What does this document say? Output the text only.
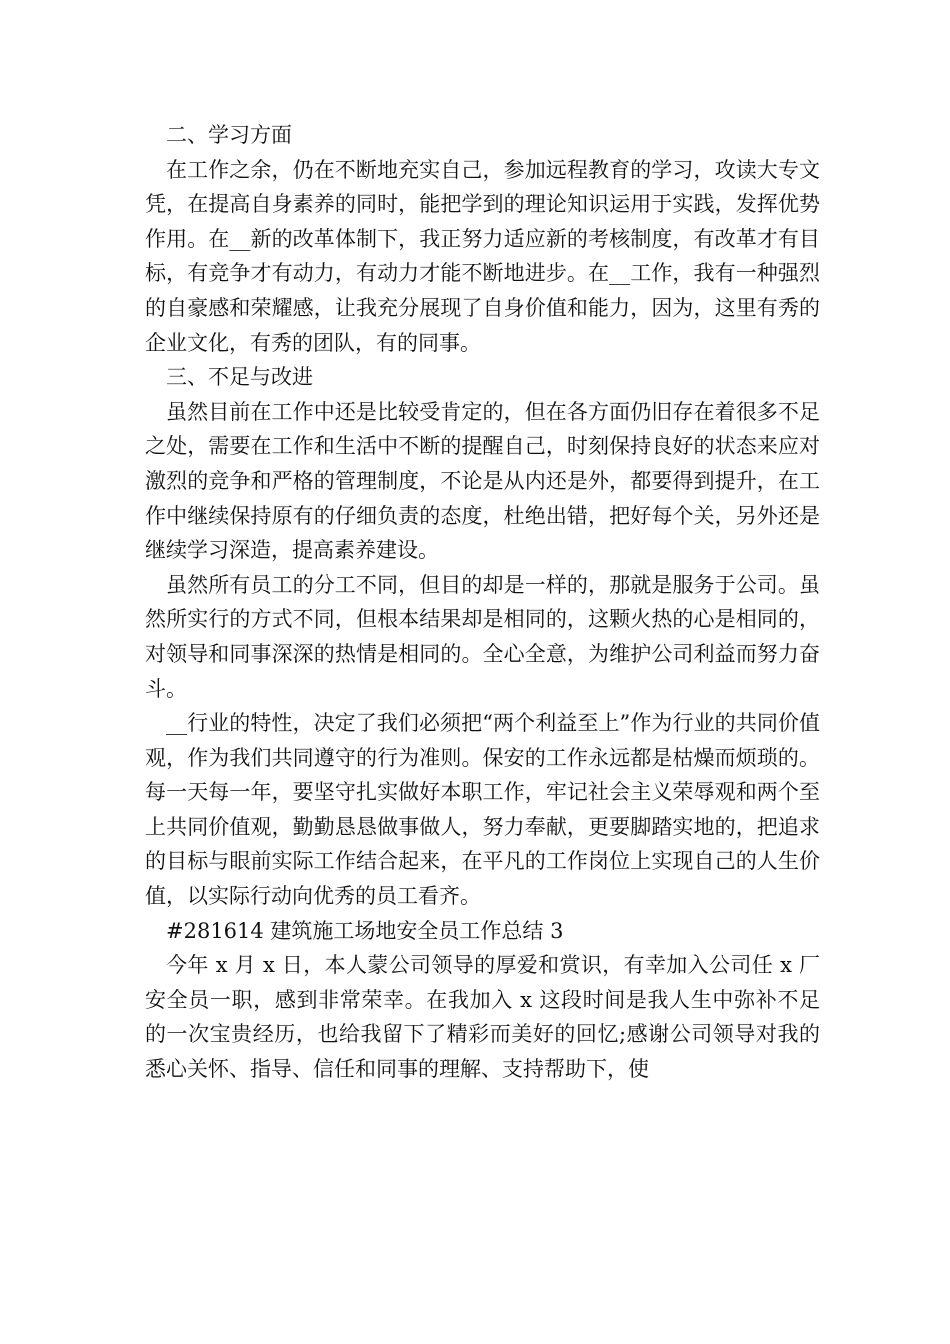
二、学习方面

在工作之余，仍在不断地充实自己，参加远程教育的学习，攻读大专文凭，在提高自身素养的同时，能把学到的理论知识运用于实践，发挥优势作用。在__新的改革体制下，我正努力适应新的考核制度，有改革才有目标，有竞争才有动力，有动力才能不断地进步。在__工作，我有一种强烈的自豪感和荣耀感，让我充分展现了自身价值和能力，因为，这里有秀的企业文化，有秀的团队，有的同事。

三、不足与改进

虽然目前在工作中还是比较受肯定的，但在各方面仍旧存在着很多不足之处，需要在工作和生活中不断的提醒自己，时刻保持良好的状态来应对激烈的竞争和严格的管理制度，不论是从内还是外，都要得到提升，在工作中继续保持原有的仔细负责的态度，杜绝出错，把好每个关，另外还是继续学习深造，提高素养建设。

虽然所有员工的分工不同，但目的却是一样的，那就是服务于公司。虽然所实行的方式不同，但根本结果却是相同的，这颗火热的心是相同的，对领导和同事深深的热情是相同的。全心全意，为维护公司利益而努力奋斗。

__行业的特性，决定了我们必须把“两个利益至上”作为行业的共同价值观，作为我们共同遵守的行为准则。保安的工作永远都是枯燥而烦琐的。每一天每一年，要坚守扎实做好本职工作，牢记社会主义荣辱观和两个至上共同价值观，勤勤恳恳做事做人，努力奉献，更要脚踏实地的，把追求的目标与眼前实际工作结合起来，在平凡的工作岗位上实现自己的人生价值，以实际行动向优秀的员工看齐。

#281614 建筑施工场地安全员工作总结 3

今年 x 月 x 日，本人蒙公司领导的厚爱和赏识，有幸加入公司任 x 厂安全员一职，感到非常荣幸。在我加入 x 这段时间是我人生中弥补不足的一次宝贵经历，也给我留下了精彩而美好的回忆;感谢公司领导对我的悉心关怀、指导、信任和同事的理解、支持帮助下，使
